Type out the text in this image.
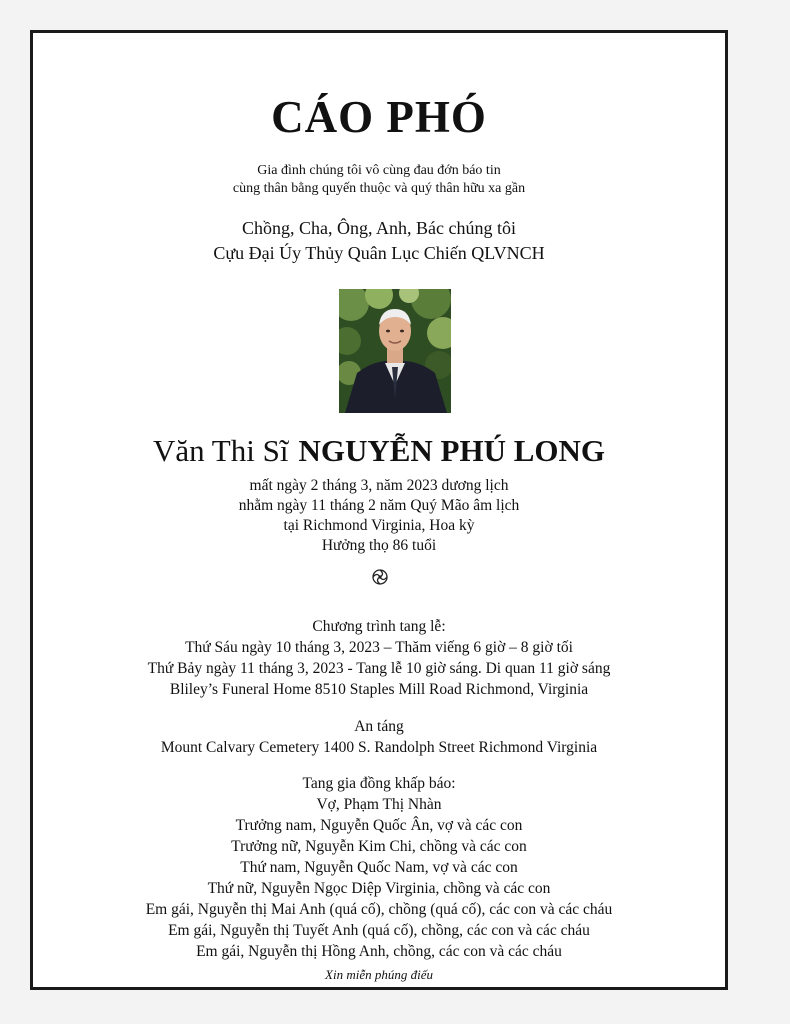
CÁO PHÓ
Gia đình chúng tôi vô cùng đau đớn báo tin
cùng thân bằng quyến thuộc và quý thân hữu xa gần
Chồng, Cha, Ông, Anh, Bác chúng tôi
Cựu Đại Úy Thủy Quân Lục Chiến QLVNCH
Văn Thi Sĩ NGUYỄN PHÚ LONG
mất ngày 2 tháng 3, năm 2023 dương lịch
nhằm ngày 11 tháng 2 năm Quý Mão âm lịch
tại Richmond Virginia, Hoa kỳ
Hưởng thọ 86 tuổi
Chương trình tang lễ:
Thứ Sáu ngày 10 tháng 3, 2023 – Thăm viếng 6 giờ – 8 giờ tối
Thứ Bảy ngày 11 tháng 3, 2023 - Tang lễ 10 giờ sáng. Di quan 11 giờ sáng
Bliley’s Funeral Home 8510 Staples Mill Road Richmond, Virginia
An táng
Mount Calvary Cemetery 1400 S. Randolph Street Richmond Virginia
Tang gia đồng khấp báo:
Vợ, Phạm Thị Nhàn
Trưởng nam, Nguyễn Quốc Ân, vợ và các con
Trưởng nữ, Nguyễn Kim Chi, chồng và các con
Thứ nam, Nguyễn Quốc Nam, vợ và các con
Thứ nữ, Nguyễn Ngọc Diệp Virginia, chồng và các con
Em gái, Nguyễn thị Mai Anh (quá cố), chồng (quá cố), các con và các cháu
Em gái, Nguyễn thị Tuyết Anh (quá cố), chồng, các con và các cháu
Em gái, Nguyễn thị Hồng Anh, chồng, các con và các cháu
Xin miễn phúng điếu
